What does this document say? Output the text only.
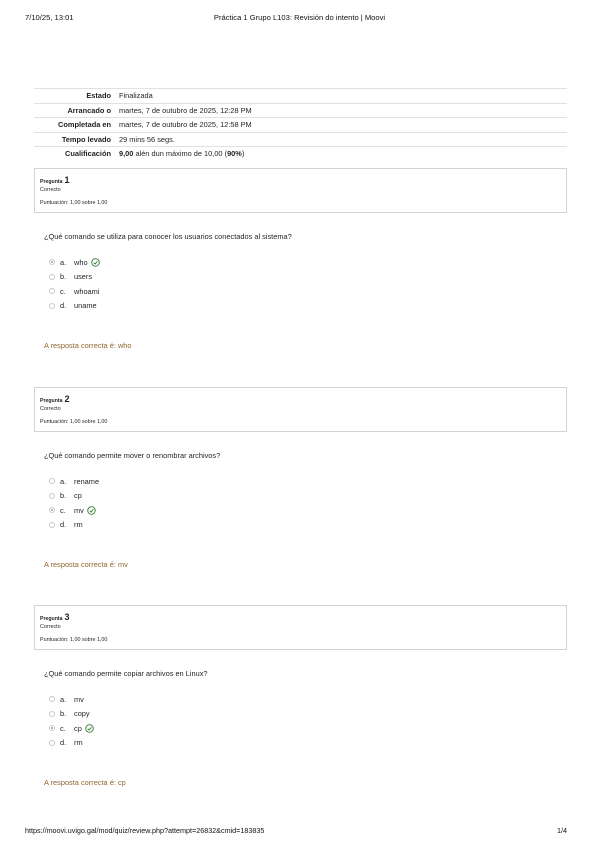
7/10/25, 13:01	Práctica 1 Grupo L103: Revisión do intento | Moovi
Estado	Finalizada
Arrancado o	martes, 7 de outubro de 2025, 12:28 PM
Completada en	martes, 7 de outubro de 2025, 12:58 PM
Tempo levado	29 mins 56 segs.
Cualificación	9,00 alén dun máximo de 10,00 (90%)
Pregunta 1
Correcto
Puntuación: 1,00 sobre 1,00
¿Qué comando se utiliza para conocer los usuarios conectados al sistema?
a.	who
b.	users
c.	whoami
d.	uname
A resposta correcta é: who
Pregunta 2
Correcto
Puntuación: 1,00 sobre 1,00
¿Qué comando permite mover o renombrar archivos?
a.	rename
b.	cp
c.	mv
d.	rm
A resposta correcta é: mv
Pregunta 3
Correcto
Puntuación: 1,00 sobre 1,00
¿Qué comando permite copiar archivos en Linux?
a.	mv
b.	copy
c.	cp
d.	rm
A resposta correcta é: cp
https://moovi.uvigo.gal/mod/quiz/review.php?attempt=26832&cmid=183835	1/4
